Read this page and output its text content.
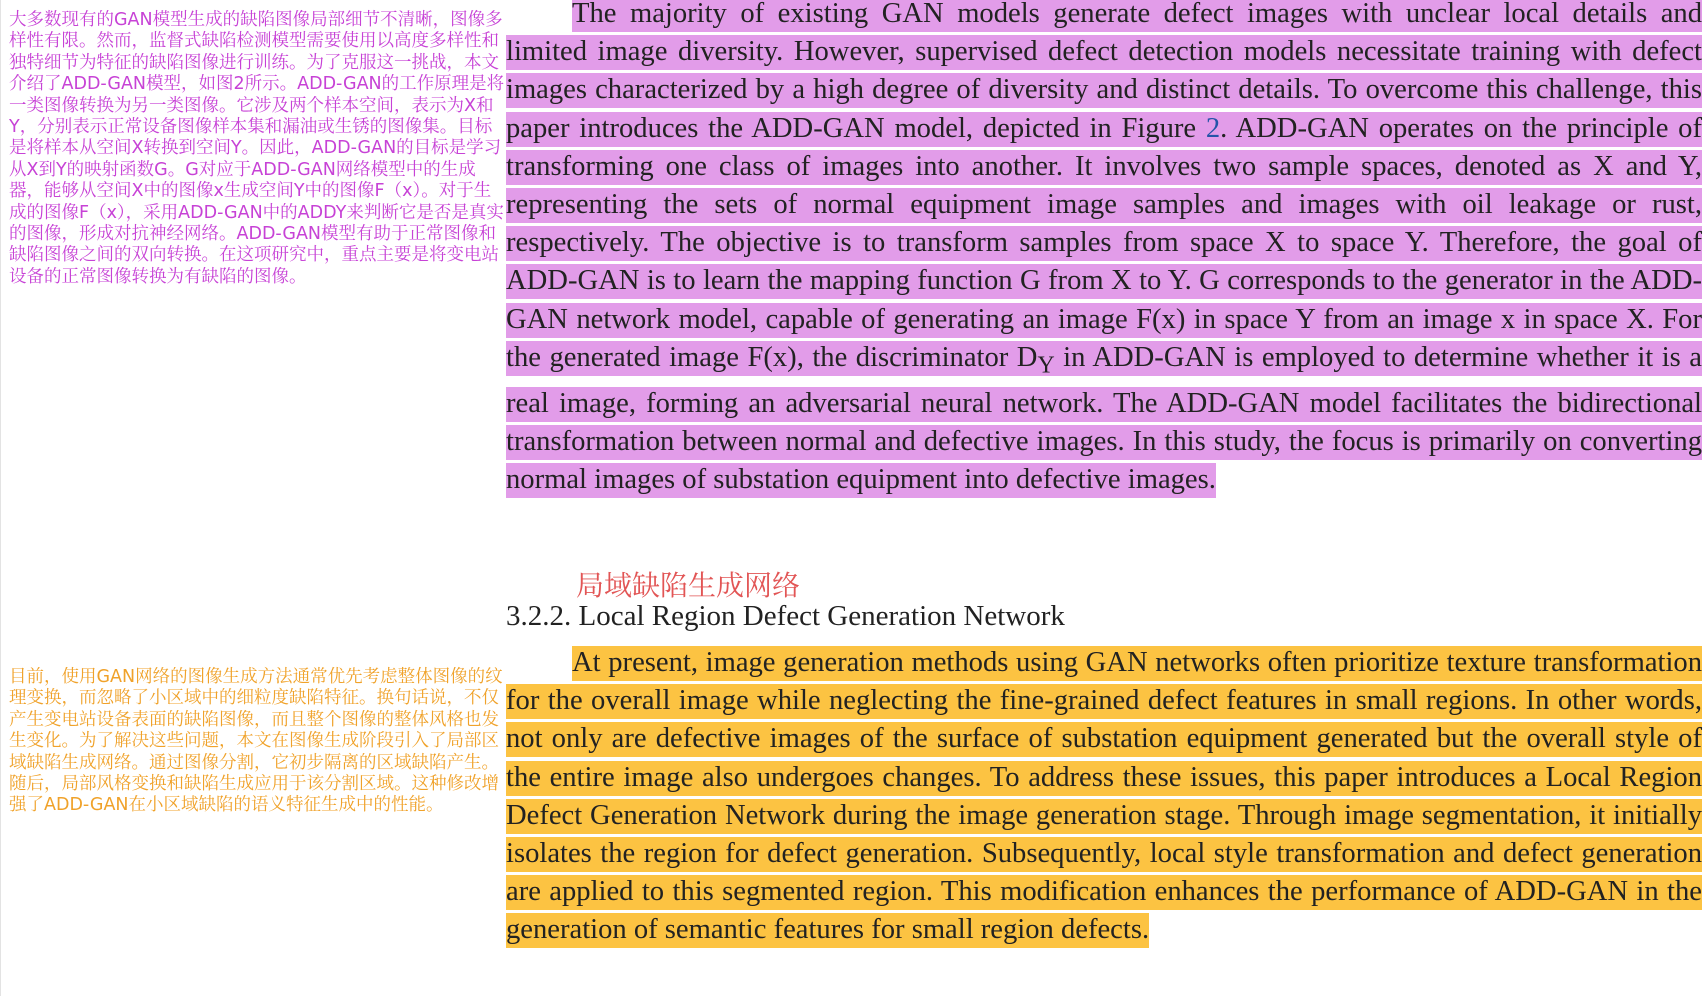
大多数现有的GAN模型生成的缺陷图像局部细节不清晰，图像多样性有限。然而，监督式缺陷检测模型需要使用以高度多样性和独特细节为特征的缺陷图像进行训练。为了克服这一挑战，本文介绍了ADD-GAN模型，如图2所示。ADD-GAN的工作原理是将一类图像转换为另一类图像。它涉及两个样本空间，表示为X和Y，分别表示正常设备图像样本集和漏油或生锈的图像集。目标是将样本从空间X转换到空间Y。因此，ADD-GAN的目标是学习从X到Y的映射函数G。G对应于ADD-GAN网络模型中的生成器，能够从空间X中的图像x生成空间Y中的图像F（x）。对于生成的图像F（x），采用ADD-GAN中的ADDY来判断它是否是真实的图像，形成对抗神经网络。ADD-GAN模型有助于正常图像和缺陷图像之间的双向转换。在这项研究中，重点主要是将变电站设备的正常图像转换为有缺陷的图像。
目前，使用GAN网络的图像生成方法通常优先考虑整体图像的纹理变换，而忽略了小区域中的细粒度缺陷特征。换句话说，不仅产生变电站设备表面的缺陷图像，而且整个图像的整体风格也发生变化。为了解决这些问题，本文在图像生成阶段引入了局部区域缺陷生成网络。通过图像分割，它初步隔离的区域缺陷产生。随后，局部风格变换和缺陷生成应用于该分割区域。这种修改增强了ADD-GAN在小区域缺陷的语义特征生成中的性能。
The majority of existing GAN models generate defect images with unclear local details and limited image diversity. However, supervised defect detection models necessitate training with defect images characterized by a high degree of diversity and distinct details. To overcome this challenge, this paper introduces the ADD-GAN model, depicted in Figure 2. ADD-GAN operates on the principle of transforming one class of images into another. It involves two sample spaces, denoted as X and Y, representing the sets of normal equipment image samples and images with oil leakage or rust, respectively. The objective is to transform samples from space X to space Y. Therefore, the goal of ADD-GAN is to learn the mapping function G from X to Y. G corresponds to the generator in the ADD-GAN network model, capable of generating an image F(x) in space Y from an image x in space X. For the generated image F(x), the discriminator $D_Y$ in ADD-GAN is employed to determine whether it is a real image, forming an adversarial neural network. The ADD-GAN model facilitates the bidirectional transformation between normal and defective images. In this study, the focus is primarily on converting normal images of substation equipment into defective images.
局域缺陷生成网络
3.2.2. Local Region Defect Generation Network
At present, image generation methods using GAN networks often prioritize texture transformation for the overall image while neglecting the fine-grained defect features in small regions. In other words, not only are defective images of the surface of substation equipment generated but the overall style of the entire image also undergoes changes. To address these issues, this paper introduces a Local Region Defect Generation Network during the image generation stage. Through image segmentation, it initially isolates the region for defect generation. Subsequently, local style transformation and defect generation are applied to this segmented region. This modification enhances the performance of ADD-GAN in the generation of semantic features for small region defects.
